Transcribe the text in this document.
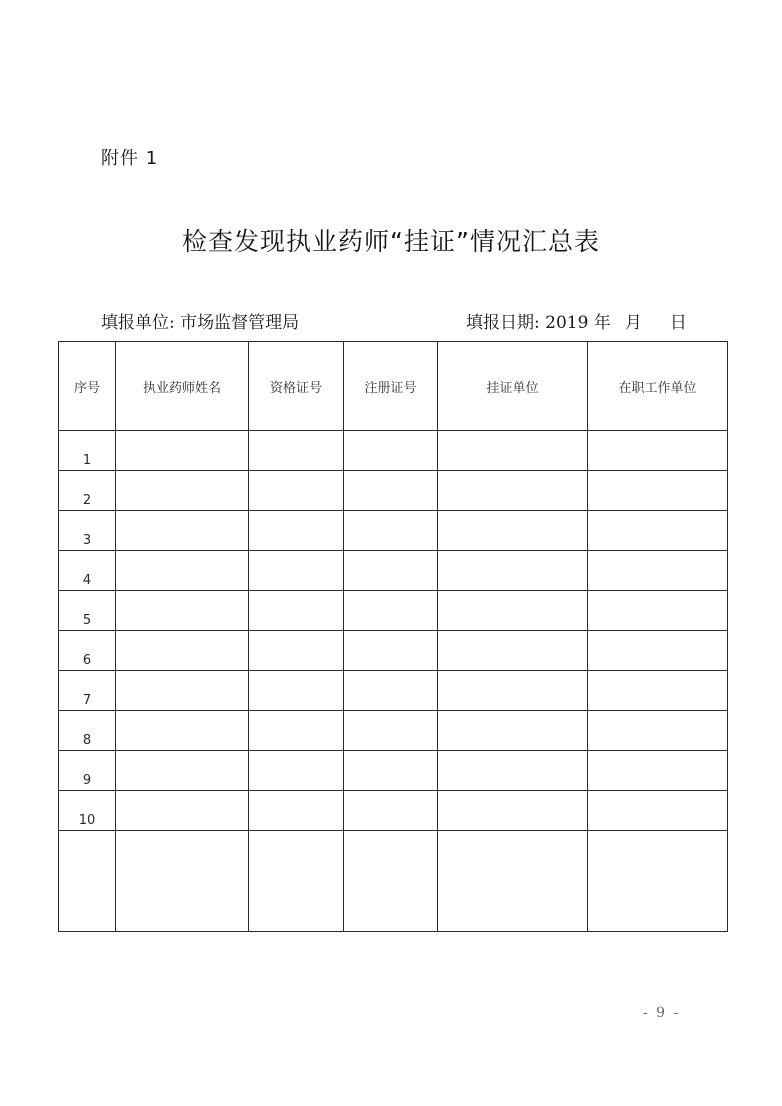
附件 1
检查发现执业药师“挂证”情况汇总表
填报单位: 市场监督管理局	填报日期: 2019 年 月 日
序号	执业药师姓名	资格证号	注册证号	挂证单位	在职工作单位
1					
2					
3					
4					
5					
6					
7					
8					
9					
10					

- 9 -
